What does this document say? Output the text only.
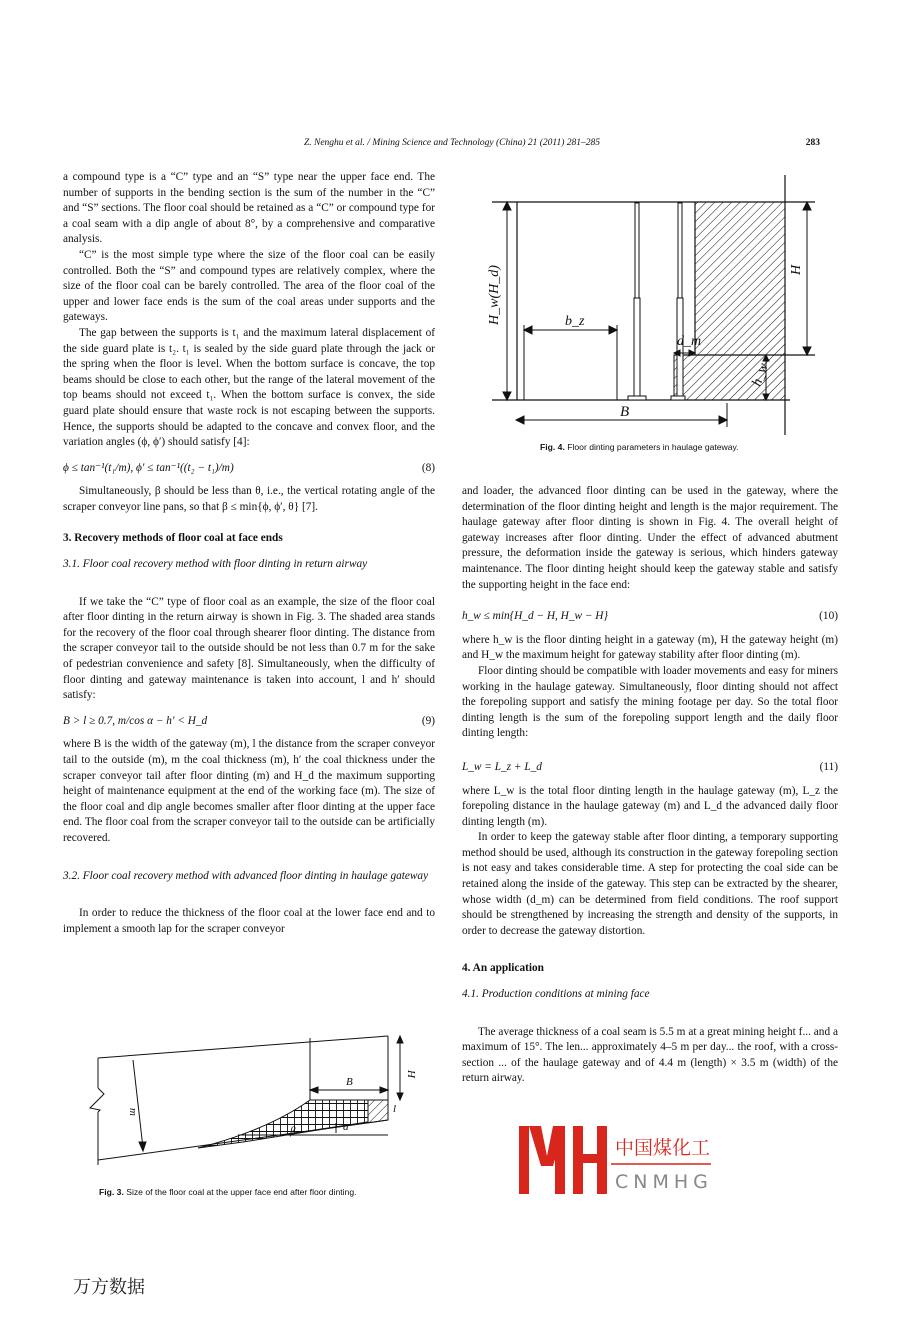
Z. Nenghu et al. / Mining Science and Technology (China) 21 (2011) 281–285	283

a compound type is a “C” type and an “S” type near the upper face end. The number of supports in the bending section is the sum of the number in the “C” and “S” sections. The floor coal should be retained as a “C” or compound type for a coal seam with a dip angle of about 8°, by a comprehensive and comparative analysis.

“C” is the most simple type where the size of the floor coal can be easily controlled. Both the “S” and compound types are relatively complex, where the size of the floor coal can be barely controlled. The area of the floor coal of the upper and lower face ends is the sum of the coal areas under supports and the gateways.

The gap between the supports is t₁ and the maximum lateral displacement of the side guard plate is t₂. t₁ is sealed by the side guard plate through the jack or the spring when the floor is level. When the bottom surface is concave, the top beams should be close to each other, but the range of the lateral movement of the top beams should not exceed t₁. When the bottom surface is convex, the side guard plate should ensure that waste rock is not escaping between the supports. Hence, the supports should be adapted to the concave and convex floor, and the variation angles (ϕ, ϕ′) should satisfy [4]:

ϕ ≤ tan⁻¹(t₁/m), ϕ′ ≤ tan⁻¹((t₂ − t₁)/m)	(8)

Simultaneously, β should be less than θ, i.e., the vertical rotating angle of the scraper conveyor line pans, so that β ≤ min{ϕ, ϕ′, θ} [7].

3. Recovery methods of floor coal at face ends
3.1. Floor coal recovery method with floor dinting in return airway

If we take the “C” type of floor coal as an example, the size of the floor coal after floor dinting in the return airway is shown in Fig. 3. The shaded area stands for the recovery of the floor coal through shearer floor dinting. The distance from the scraper conveyor tail to the outside should be not less than 0.7 m for the sake of pedestrian convenience and safety [8]. Simultaneously, when the difficulty of floor dinting and gateway maintenance is taken into account, l and h′ should satisfy:

B > l ≥ 0.7, m/cos α − h′ < H_d	(9)

where B is the width of the gateway (m), l the distance from the scraper conveyor tail to the outside (m), m the coal thickness (m), h′ the coal thickness under the scraper conveyor tail after floor dinting (m) and H_d the maximum supporting height of maintenance equipment at the end of the working face (m). The size of the floor coal and dip angle becomes smaller after floor dinting at the upper face end. The floor coal from the scraper conveyor tail to the outside can be artificially recovered.

3.2. Floor coal recovery method with advanced floor dinting in haulage gateway

In order to reduce the thickness of the floor coal at the lower face end and to implement a smooth lap for the scraper conveyor

H_w(H_d)	b_z
d_m
H
h_w
B
Fig. 4. Floor dinting parameters in haulage gateway.

and loader, the advanced floor dinting can be used in the gateway, where the determination of the floor dinting height and length is the major requirement. The haulage gateway after floor dinting is shown in Fig. 4. The overall height of gateway increases after floor dinting. Under the effect of advanced abutment pressure, the deformation inside the gateway is serious, which hinders gateway maintenance. The floor dinting height should keep the gateway stable and satisfy the supporting height in the face end:

h_w ≤ min{H_d − H, H_w − H}	(10)

where h_w is the floor dinting height in a gateway (m), H the gateway height (m) and H_w the maximum height for gateway stability after floor dinting (m).

Floor dinting should be compatible with loader movements and easy for miners working in the haulage gateway. Simultaneously, floor dinting should not affect the forepoling support and satisfy the mining footage per day. So the total floor dinting length is the sum of the forepoling support length and the daily floor dinting length:

L_w = L_z + L_d	(11)

where L_w is the total floor dinting length in the haulage gateway (m), L_z the forepoling distance in the haulage gateway (m) and L_d the advanced daily floor dinting length (m).

In order to keep the gateway stable after floor dinting, a temporary supporting method should be used, although its construction in the gateway forepoling section is not easy and takes considerable time. A step for protecting the coal side can be retained along the inside of the gateway. This step can be extracted by the shearer, whose width (d_m) can be determined from field conditions. The roof support should be strengthened by increasing the strength and density of the supports, in order to decrease the gateway distortion.

4. An application
4.1. Production conditions at mining face

The average thickness of a coal seam is 5.5 m at a great mining height f... and a maximum of 15°. The len... approximately 4–5 m per day... the roof, with a cross-section ... of the haulage gateway and of 4.4 m (length) × 3.5 m (width) of the return airway.

m
B
H
l
β	a
Fig. 3. Size of the floor coal at the upper face end after floor dinting.
中国煤化工
CNMHG
万方数据
